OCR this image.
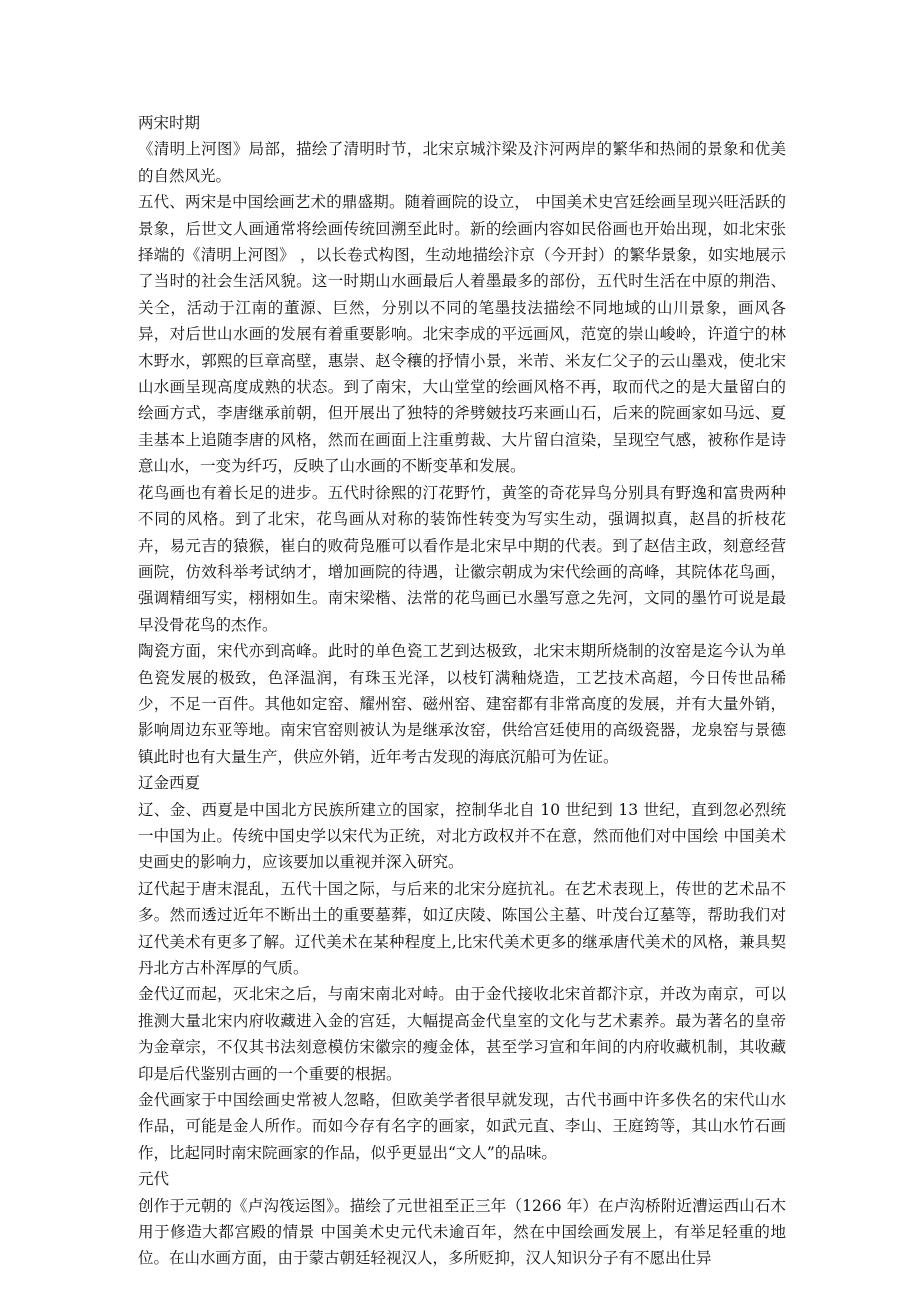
两宋时期

《清明上河图》局部，描绘了清明时节，北宋京城汴梁及汴河两岸的繁华和热闹的景象和优美的自然风光。

五代、两宋是中国绘画艺术的鼎盛期。随着画院的设立， 中国美术史宫廷绘画呈现兴旺活跃的景象，后世文人画通常将绘画传统回溯至此时。新的绘画内容如民俗画也开始出现，如北宋张择端的《清明上河图》 ，以长卷式构图，生动地描绘汴京（今开封）的繁华景象，如实地展示了当时的社会生活风貌。这一时期山水画最后人着墨最多的部份，五代时生活在中原的荆浩、关仝，活动于江南的董源、巨然，分别以不同的笔墨技法描绘不同地域的山川景象，画风各异，对后世山水画的发展有着重要影响。北宋李成的平远画风，范宽的崇山峻岭，许道宁的林木野水，郭熙的巨章高壁，惠崇、赵令穰的抒情小景，米芾、米友仁父子的云山墨戏，使北宋山水画呈现高度成熟的状态。到了南宋，大山堂堂的绘画风格不再，取而代之的是大量留白的绘画方式，李唐继承前朝，但开展出了独特的斧劈皴技巧来画山石，后来的院画家如马远、夏圭基本上追随李唐的风格，然而在画面上注重剪裁、大片留白渲染，呈现空气感，被称作是诗意山水，一变为纤巧，反映了山水画的不断变革和发展。

花鸟画也有着长足的进步。五代时徐熙的汀花野竹，黄筌的奇花异鸟分别具有野逸和富贵两种不同的风格。到了北宋，花鸟画从对称的装饰性转变为写实生动，强调拟真，赵昌的折枝花卉，易元吉的猿猴，崔白的败荷凫雁可以看作是北宋早中期的代表。到了赵佶主政，刻意经营画院，仿效科举考试纳才，增加画院的待遇，让徽宗朝成为宋代绘画的高峰，其院体花鸟画，强调精细写实，栩栩如生。南宋梁楷、法常的花鸟画已水墨写意之先河，文同的墨竹可说是最早没骨花鸟的杰作。

陶瓷方面，宋代亦到高峰。此时的单色瓷工艺到达极致，北宋末期所烧制的汝窑是迄今认为单色瓷发展的极致，色泽温润，有珠玉光泽，以枝钉满釉烧造，工艺技术高超，今日传世品稀少，不足一百件。其他如定窑、耀州窑、磁州窑、建窑都有非常高度的发展，并有大量外销，影响周边东亚等地。南宋官窑则被认为是继承汝窑，供给宫廷使用的高级瓷器，龙泉窑与景德镇此时也有大量生产，供应外销，近年考古发现的海底沉船可为佐证。

辽金西夏

辽、金、西夏是中国北方民族所建立的国家，控制华北自 10 世纪到 13 世纪，直到忽必烈统一中国为止。传统中国史学以宋代为正统，对北方政权并不在意，然而他们对中国绘 中国美术史画史的影响力，应该要加以重视并深入研究。

辽代起于唐末混乱，五代十国之际，与后来的北宋分庭抗礼。在艺术表现上，传世的艺术品不多。然而透过近年不断出土的重要墓葬，如辽庆陵、陈国公主墓、叶茂台辽墓等，帮助我们对辽代美术有更多了解。辽代美术在某种程度上,比宋代美术更多的继承唐代美术的风格，兼具契丹北方古朴浑厚的气质。

金代辽而起，灭北宋之后，与南宋南北对峙。由于金代接收北宋首都汴京，并改为南京，可以推测大量北宋内府收藏进入金的宫廷，大幅提高金代皇室的文化与艺术素养。最为著名的皇帝为金章宗，不仅其书法刻意模仿宋徽宗的瘦金体，甚至学习宣和年间的内府收藏机制，其收藏印是后代鉴别古画的一个重要的根据。

金代画家于中国绘画史常被人忽略，但欧美学者很早就发现，古代书画中许多佚名的宋代山水作品，可能是金人所作。而如今存有名字的画家，如武元直、李山、王庭筠等，其山水竹石画作，比起同时南宋院画家的作品，似乎更显出“文人”的品味。

元代

创作于元朝的《卢沟筏运图》。描绘了元世祖至正三年（1266 年）在卢沟桥附近漕运西山石木用于修造大都宫殿的情景 中国美术史元代未逾百年，然在中国绘画发展上，有举足轻重的地位。在山水画方面，由于蒙古朝廷轻视汉人，多所贬抑，汉人知识分子有不愿出仕异
